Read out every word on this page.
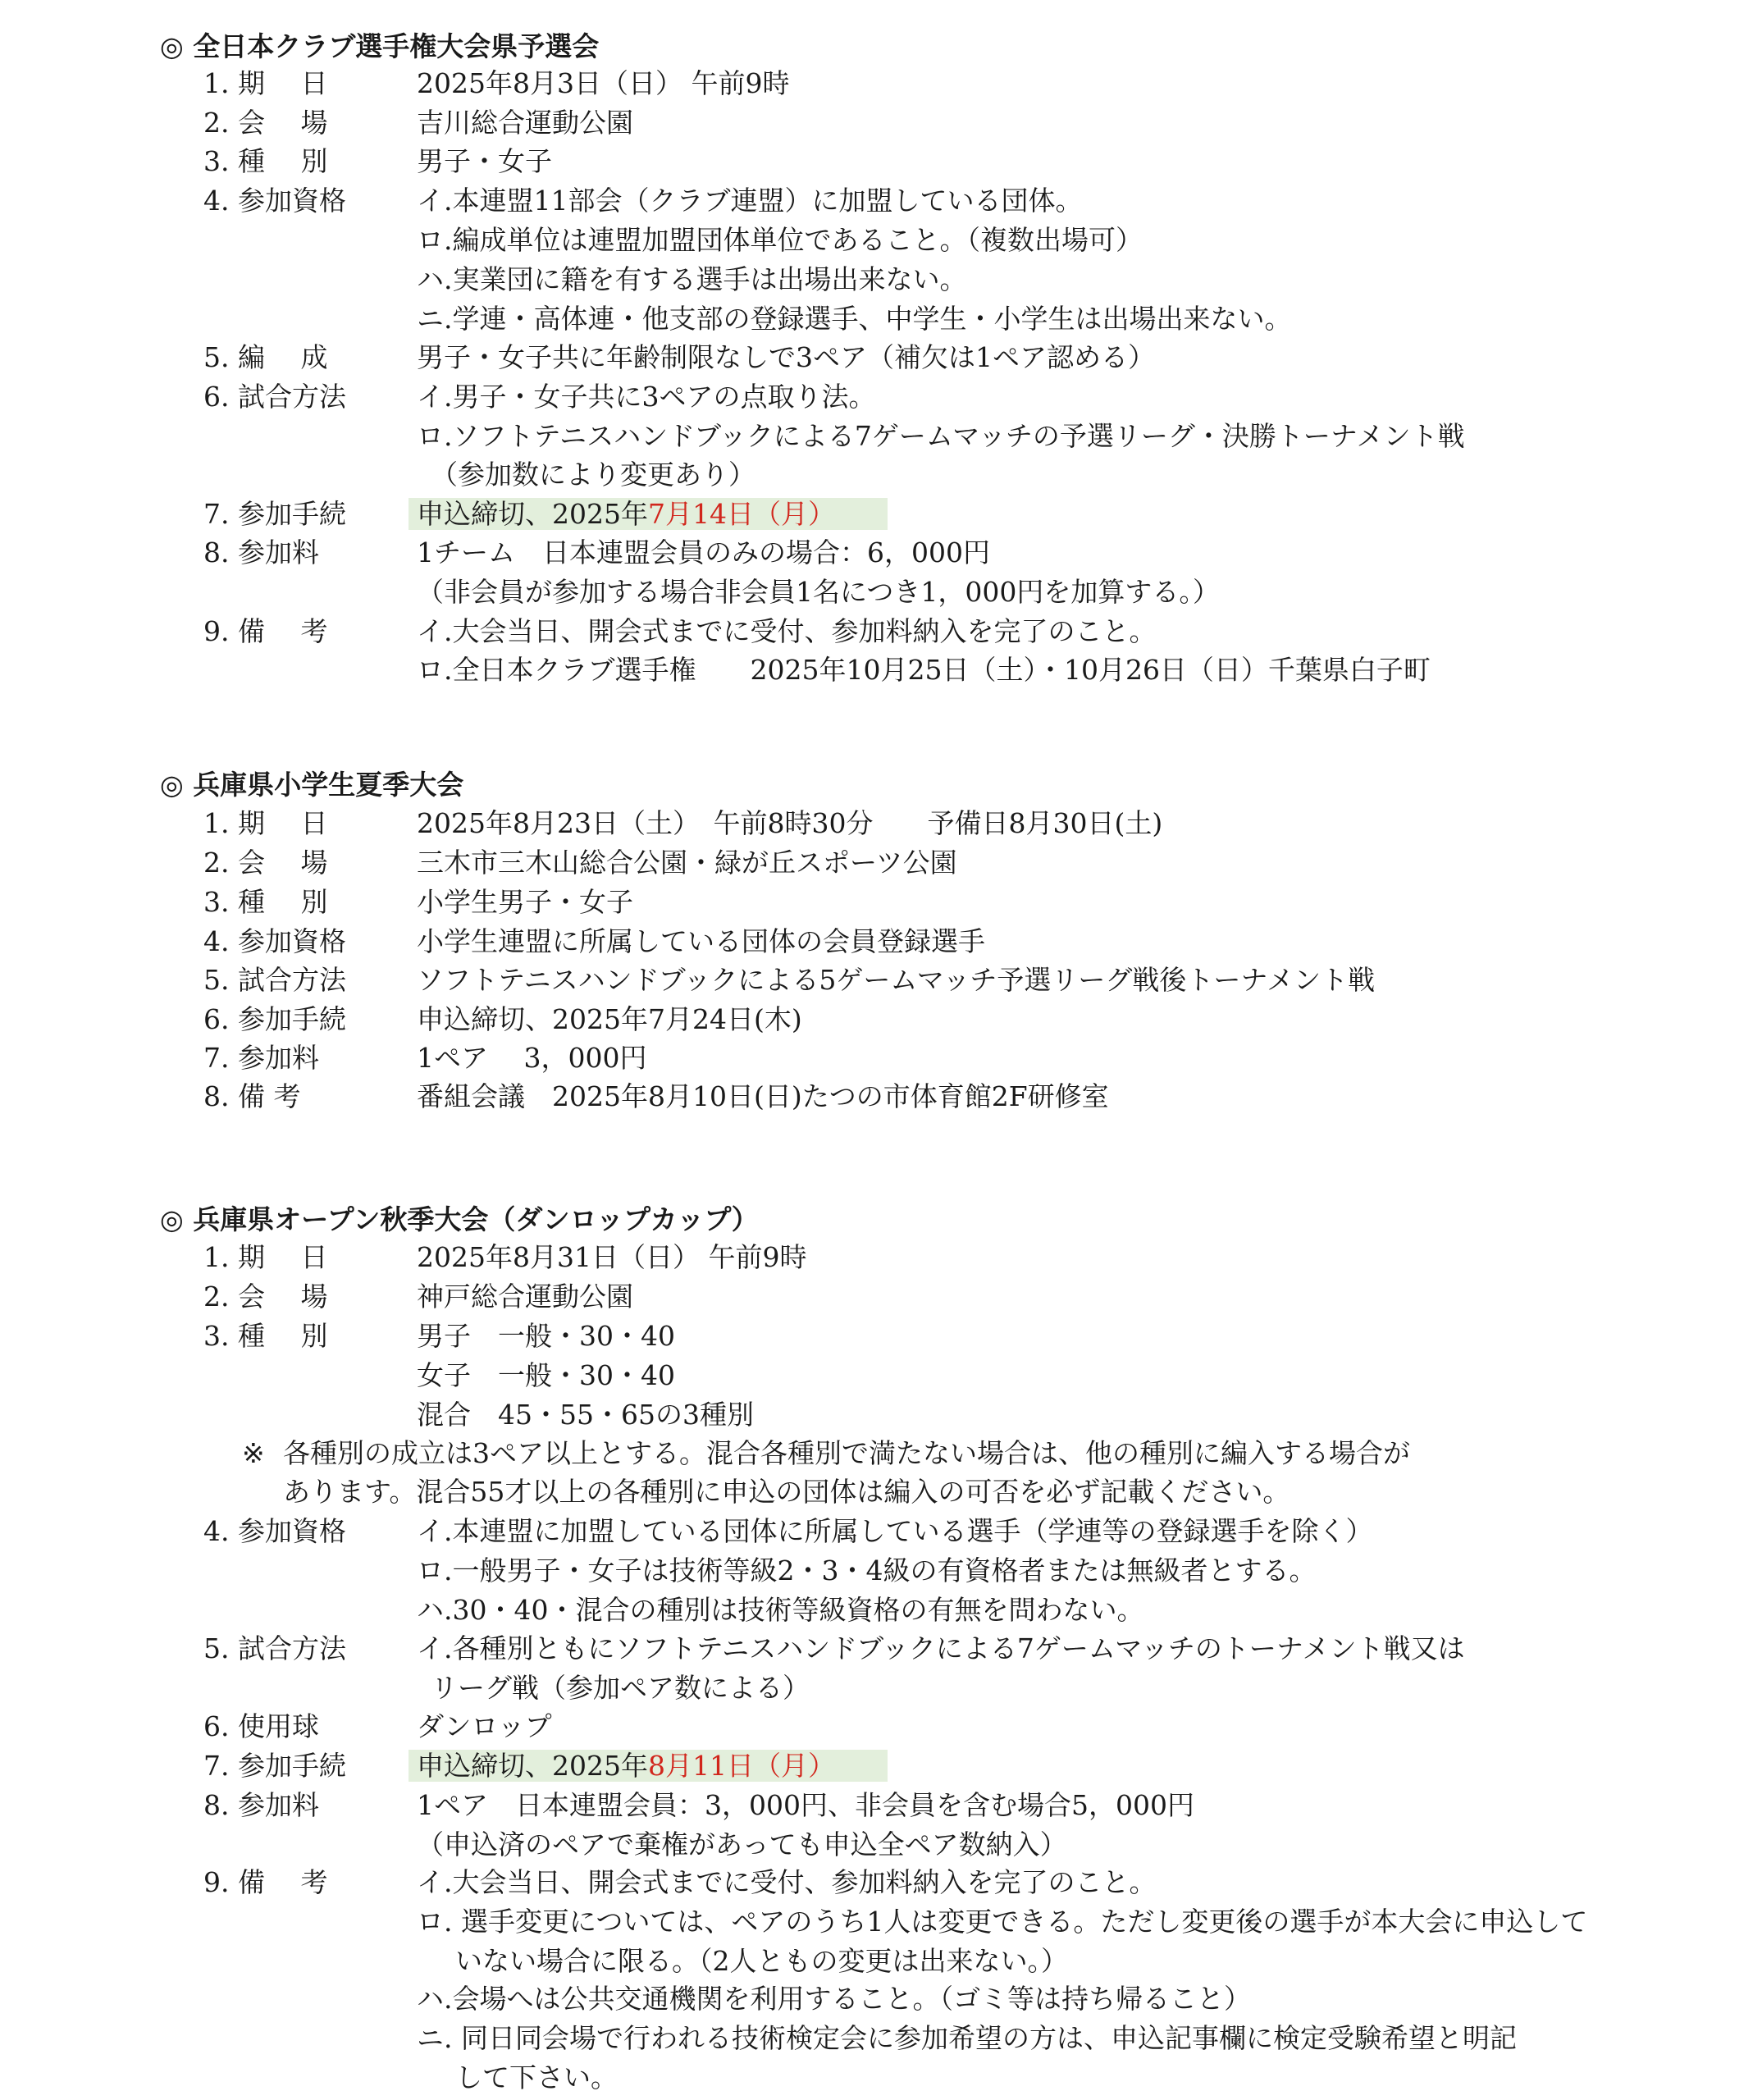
◎ 全日本クラブ選手権大会県予選会
1. 期　 日	2025年8月3日（日） 午前9時
2. 会　 場	吉川総合運動公園
3. 種　 別	男子・女子
4. 参加資格	イ.本連盟11部会（クラブ連盟）に加盟している団体。
ロ.編成単位は連盟加盟団体単位であること。（複数出場可）
ハ.実業団に籍を有する選手は出場出来ない。
ニ.学連・高体連・他支部の登録選手、中学生・小学生は出場出来ない。
5. 編　 成	男子・女子共に年齢制限なしで3ペア（補欠は1ペア認める）
6. 試合方法	イ.男子・女子共に3ペアの点取り法。
ロ.ソフトテニスハンドブックによる7ゲームマッチの予選リーグ・決勝トーナメント戦
（参加数により変更あり）
7. 参加手続	申込締切、2025年7月14日（月）
8. 参加料	1チーム　日本連盟会員のみの場合：6，000円
（非会員が参加する場合非会員1名につき1，000円を加算する。）
9. 備　 考	イ.大会当日、開会式までに受付、参加料納入を完了のこと。
ロ.全日本クラブ選手権　　2025年10月25日（土）・10月26日（日）千葉県白子町
◎ 兵庫県小学生夏季大会
1. 期　 日	2025年8月23日（土）　午前8時30分　　予備日8月30日(土)
2. 会　 場	三木市三木山総合公園・緑が丘スポーツ公園
3. 種　 別	小学生男子・女子
4. 参加資格	小学生連盟に所属している団体の会員登録選手
5. 試合方法	ソフトテニスハンドブックによる5ゲームマッチ予選リーグ戦後トーナメント戦
6. 参加手続	申込締切、2025年7月24日(木)
7. 参加料	1ペア　 3，000円
8. 備 考	番組会議　2025年8月10日(日)たつの市体育館2F研修室
◎ 兵庫県オープン秋季大会（ダンロップカップ）
1. 期　 日	2025年8月31日（日） 午前9時
2. 会　 場	神戸総合運動公園
3. 種　 別	男子　一般・30・40
女子　一般・30・40
混合　45・55・65の3種別
※ 各種別の成立は3ペア以上とする。混合各種別で満たない場合は、他の種別に編入する場合が
あります。混合55才以上の各種別に申込の団体は編入の可否を必ず記載ください。
4. 参加資格	イ.本連盟に加盟している団体に所属している選手（学連等の登録選手を除く）
ロ.一般男子・女子は技術等級2・3・4級の有資格者または無級者とする。
ハ.30・40・混合の種別は技術等級資格の有無を問わない。
5. 試合方法	イ.各種別ともにソフトテニスハンドブックによる7ゲームマッチのトーナメント戦又は
リーグ戦（参加ペア数による）
6. 使用球	ダンロップ
7. 参加手続	申込締切、2025年8月11日（月）
8. 参加料	1ペア　日本連盟会員：3，000円、非会員を含む場合5，000円
（申込済のペアで棄権があっても申込全ペア数納入）
9. 備　 考	イ.大会当日、開会式までに受付、参加料納入を完了のこと。
ロ. 選手変更については、ペアのうち1人は変更できる。ただし変更後の選手が本大会に申込して
いない場合に限る。（2人ともの変更は出来ない。）
ハ.会場へは公共交通機関を利用すること。（ゴミ等は持ち帰ること）
ニ. 同日同会場で行われる技術検定会に参加希望の方は、申込記事欄に検定受験希望と明記
して下さい。
